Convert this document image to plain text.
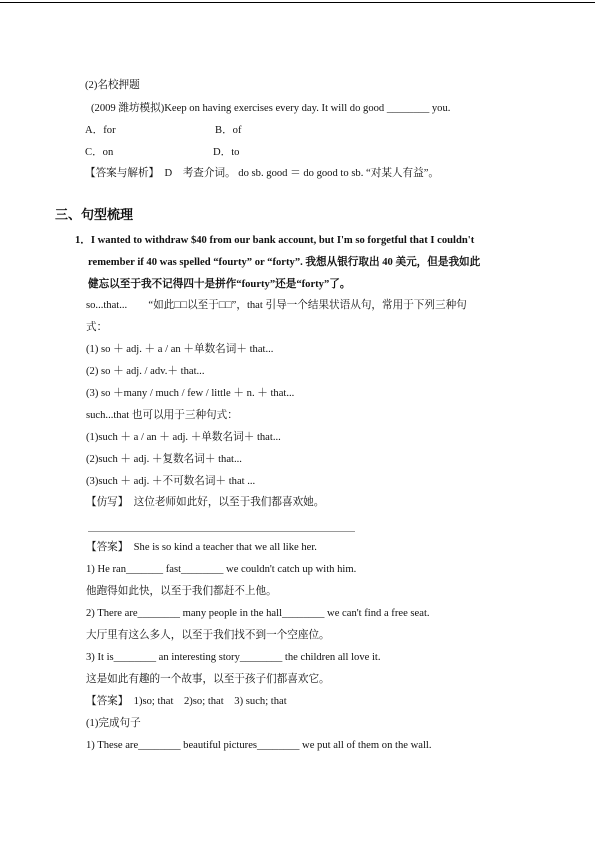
(2)名校押题
(2009 潍坊模拟)Keep on having exercises every day. It will do good ________ you.
A．for	B．of
C．on	D．to
【答案与解析】　D　考查介词。 do sb. good ＝ do good to sb. “对某人有益”。
三、句型梳理
1．I wanted to withdraw $40 from our bank account, but I'm so forgetful that I couldn't
remember if 40 was spelled “fourty” or “forty”. 我想从银行取出 40 美元，但是我如此
健忘以至于我不记得四十是拼作“fourty”还是“forty”了。
so...that...　　“如此□□以至于□□”，that 引导一个结果状语从句，常用于下列三种句
式：
(1) so ＋ adj. ＋ a / an ＋单数名词＋ that...
(2) so ＋ adj. / adv.＋ that...
(3) so ＋many / much / few / little ＋ n. ＋ that...
such...that 也可以用于三种句式：
(1)such ＋ a / an ＋ adj. ＋单数名词＋ that...
(2)such ＋ adj. ＋复数名词＋ that...
(3)such ＋ adj. ＋不可数名词＋ that ...
【仿写】　这位老师如此好，以至于我们都喜欢她。
【答案】　She is so kind a teacher that we all like her.
1) He ran_______ fast________ we couldn't catch up with him.
他跑得如此快，以至于我们都赶不上他。
2) There are________ many people in the hall________ we can't find a free seat.
大厅里有这么多人，以至于我们找不到一个空座位。
3) It is________ an interesting story________ the children all love it.
这是如此有趣的一个故事，以至于孩子们都喜欢它。
【答案】　1)so; that　2)so; that　3) such; that
(1)完成句子
1) These are________ beautiful pictures________ we put all of them on the wall.
